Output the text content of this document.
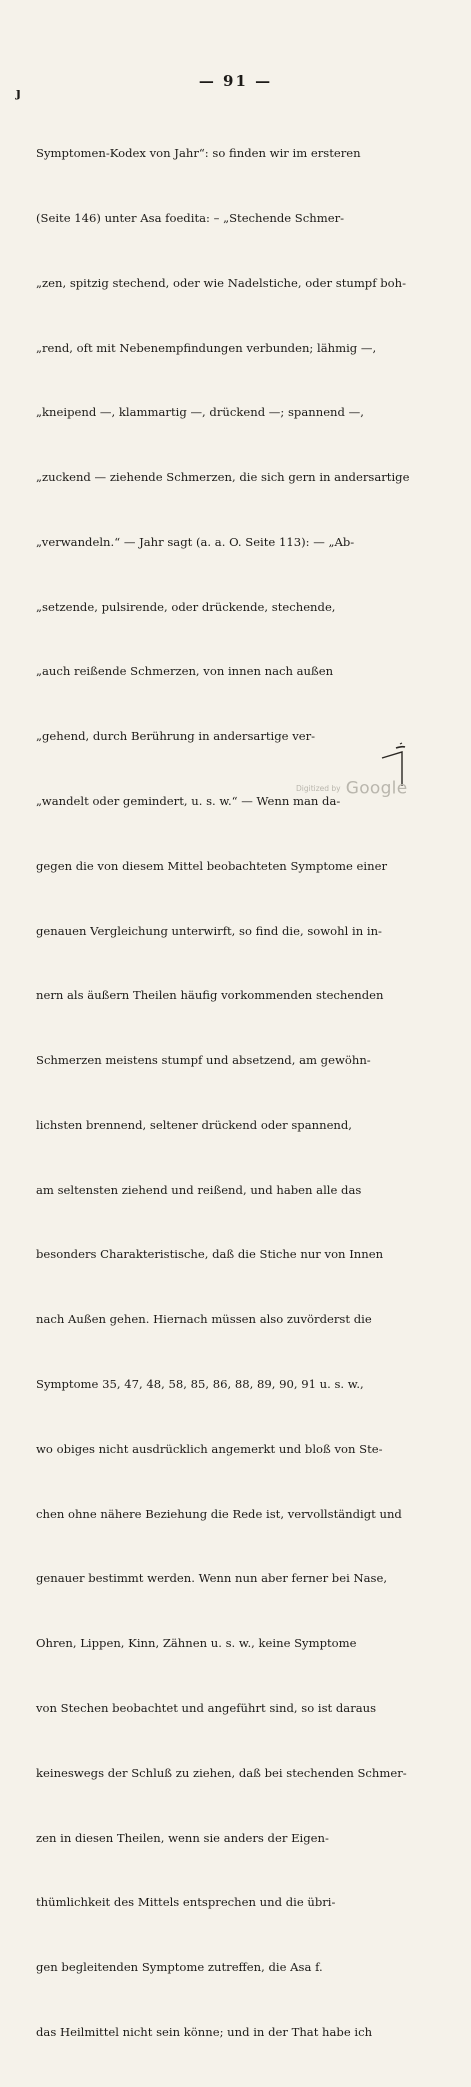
ȷ
— 91 —

Symptomen-Kodex von Jahr“: so finden wir im ersteren

(Seite 146) unter Asa foedita: – „Stechende Schmer-

„zen, spitzig stechend, oder wie Nadelstiche, oder stumpf boh-

„rend, oft mit Nebenempfindungen verbunden; lähmig —,

„kneipend —, klammartig —, drückend —; spannend —,

„zuckend — ziehende Schmerzen, die sich gern in andersartige

„verwandeln.“ — Jahr sagt (a. a. O. Seite 113): — „Ab-

„setzende, pulsirende, oder drückende, stechende,

„auch reißende Schmerzen, von innen nach außen

„gehend, durch Berührung in andersartige ver-

„wandelt oder gemindert, u. s. w.“ — Wenn man da-

gegen die von diesem Mittel beobachteten Symptome einer

genauen Vergleichung unterwirft, so find die, sowohl in in-

nern als äußern Theilen häufig vorkommenden stechenden

Schmerzen meistens stumpf und absetzend, am gewöhn-

lichsten brennend, seltener drückend oder spannend,

am seltensten ziehend und reißend, und haben alle das

besonders Charakteristische, daß die Stiche nur von Innen

nach Außen gehen. Hiernach müssen also zuvörderst die

Symptome 35, 47, 48, 58, 85, 86, 88, 89, 90, 91 u. s. w.,

wo obiges nicht ausdrücklich angemerkt und bloß von Ste-

chen ohne nähere Beziehung die Rede ist, vervollständigt und

genauer bestimmt werden. Wenn nun aber ferner bei Nase,

Ohren, Lippen, Kinn, Zähnen u. s. w., keine Symptome

von Stechen beobachtet und angeführt sind, so ist daraus

keineswegs der Schluß zu ziehen, daß bei stechenden Schmer-

zen in diesen Theilen, wenn sie anders der Eigen-

thümlichkeit des Mittels entsprechen und die übri-

gen begleitenden Symptome zutreffen, die Asa f.

das Heilmittel nicht sein könne; und in der That habe ich

Digitized by Google
